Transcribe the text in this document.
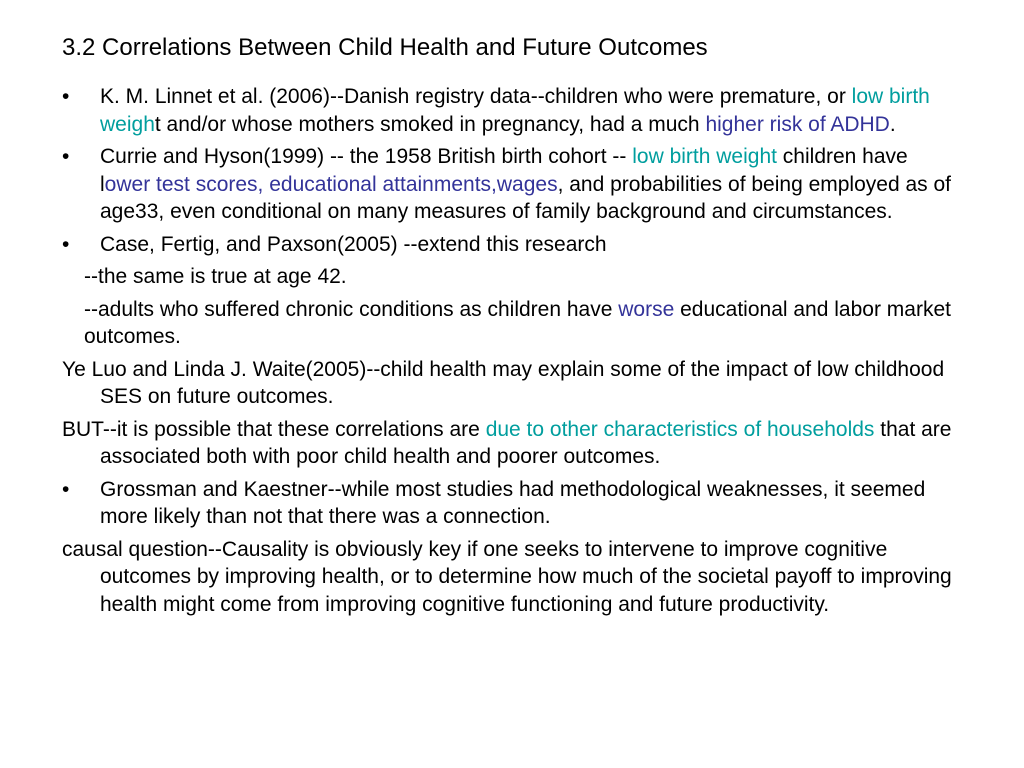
3.2 Correlations Between Child Health and Future Outcomes

• K. M. Linnet et al. (2006)--Danish registry data--children who were premature, or low birth weight and/or whose mothers smoked in pregnancy, had a much higher risk of ADHD.

• Currie and Hyson(1999) -- the 1958 British birth cohort -- low birth weight children have lower test scores, educational attainments,wages, and probabilities of being employed as of age33, even conditional on many measures of family background and circumstances.

• Case, Fertig, and Paxson(2005) --extend this research

--the same is true at age 42.

--adults who suffered chronic conditions as children have worse educational and labor market outcomes.

Ye Luo and Linda J. Waite(2005)--child health may explain some of the impact of low childhood SES on future outcomes.

BUT--it is possible that these correlations are due to other characteristics of households that are associated both with poor child health and poorer outcomes.

• Grossman and Kaestner--while most studies had methodological weaknesses, it seemed more likely than not that there was a connection.

causal question--Causality is obviously key if one seeks to intervene to improve cognitive outcomes by improving health, or to determine how much of the societal payoff to improving health might come from improving cognitive functioning and future productivity.
